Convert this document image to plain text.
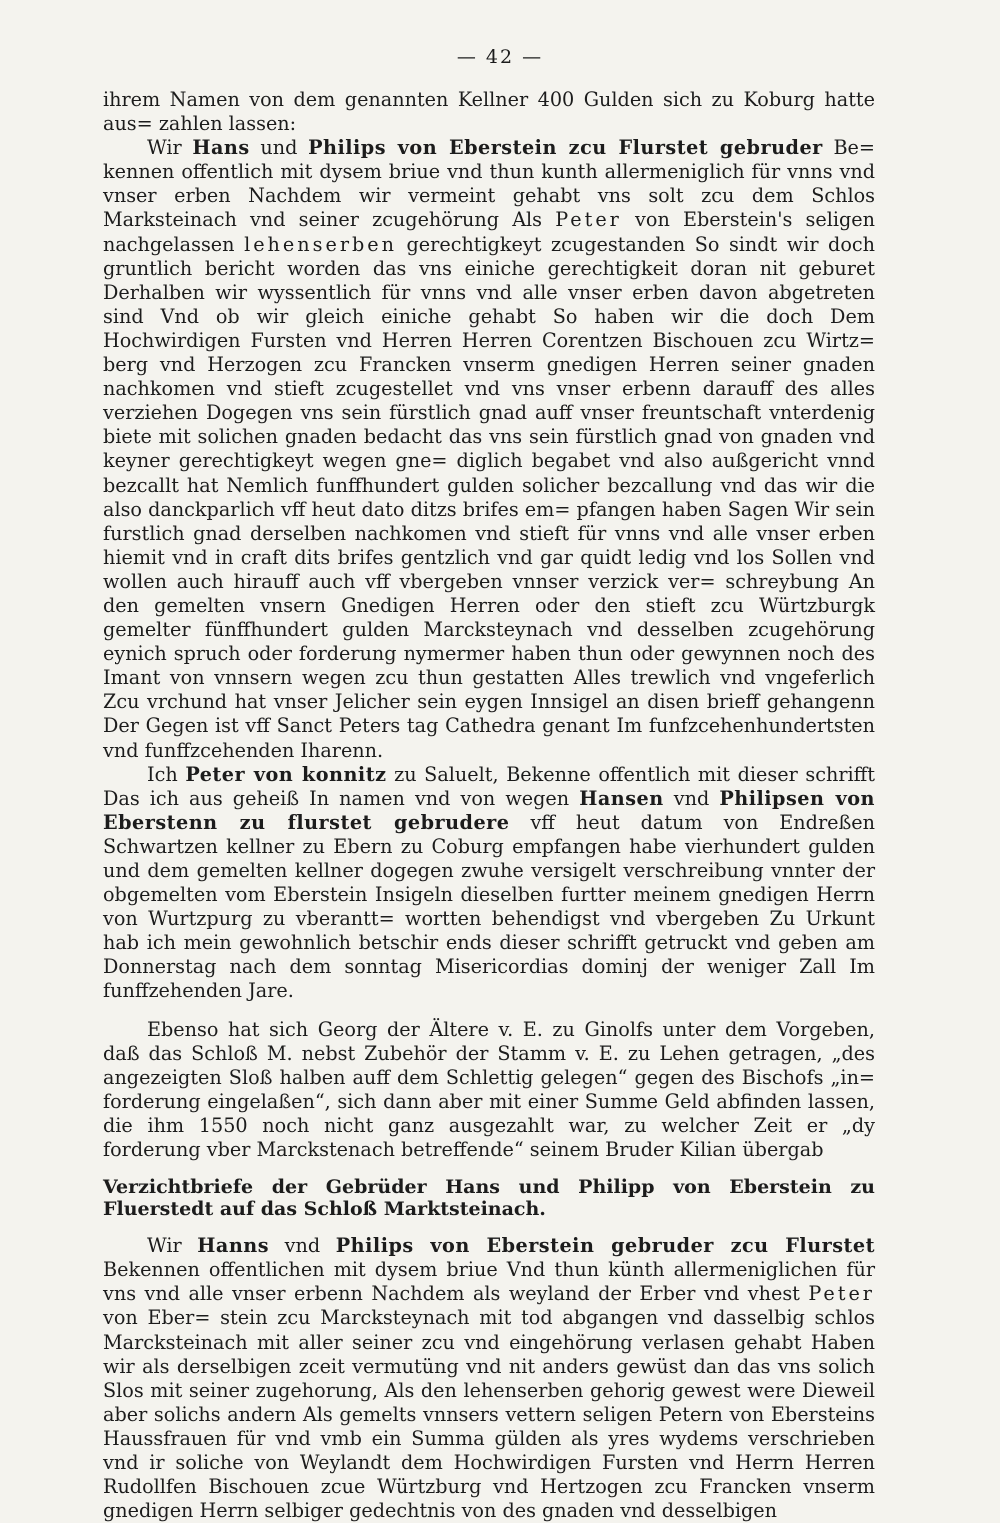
— 42 —

ihrem Namen von dem genannten Kellner 400 Gulden sich zu Koburg hatte aus= zahlen lassen:

Wir Hans und Philips von Eberstein zcu Flurstet gebruder Be= kennen offentlich mit dysem briue vnd thun kunth allermeniglich für vnns vnd vnser erben Nachdem wir vermeint gehabt vns solt zcu dem Schlos Marksteinach vnd seiner zcugehörung Als Peter von Eberstein's seligen nachgelassen lehenserben gerechtigkeyt zcugestanden So sindt wir doch gruntlich bericht worden das vns einiche gerechtigkeit doran nit geburet Derhalben wir wyssentlich für vnns vnd alle vnser erben davon abgetreten sind Vnd ob wir gleich einiche gehabt So haben wir die doch Dem Hochwirdigen Fursten vnd Herren Herren Corentzen Bischouen zcu Wirtz= berg vnd Herzogen zcu Francken vnserm gnedigen Herren seiner gnaden nachkomen vnd stieft zcugestellet vnd vns vnser erbenn darauff des alles verziehen Dogegen vns sein fürstlich gnad auff vnser freuntschaft vnterdenig biete mit solichen gnaden bedacht das vns sein fürstlich gnad von gnaden vnd keyner gerechtigkeyt wegen gne= diglich begabet vnd also außgericht vnnd bezcallt hat Nemlich funffhundert gulden solicher bezcallung vnd das wir die also danckparlich vff heut dato ditzs brifes em= pfangen haben Sagen Wir sein furstlich gnad derselben nachkomen vnd stieft für vnns vnd alle vnser erben hiemit vnd in craft dits brifes gentzlich vnd gar quidt ledig vnd los Sollen vnd wollen auch hirauff auch vff vbergeben vnnser verzick ver= schreybung An den gemelten vnsern Gnedigen Herren oder den stieft zcu Würtzburgk gemelter fünffhundert gulden Marcksteynach vnd desselben zcugehörung eynich spruch oder forderung nymermer haben thun oder gewynnen noch des Imant von vnnsern wegen zcu thun gestatten Alles trewlich vnd vngeferlich Zcu vrchund hat vnser Jelicher sein eygen Innsigel an disen brieff gehangenn Der Gegen ist vff Sanct Peters tag Cathedra genant Im funfzcehenhundertsten vnd funffzcehenden Iharenn.

Ich Peter von konnitz zu Saluelt, Bekenne offentlich mit dieser schrifft Das ich aus geheiß In namen vnd von wegen Hansen vnd Philipsen von Eberstenn zu flurstet gebrudere vff heut datum von Endreßen Schwartzen kellner zu Ebern zu Coburg empfangen habe vierhundert gulden und dem gemelten kellner dogegen zwuhe versigelt verschreibung vnnter der obgemelten vom Eberstein Insigeln dieselben furtter meinem gnedigen Herrn von Wurtzpurg zu vberantt= wortten behendigst vnd vbergeben Zu Urkunt hab ich mein gewohnlich betschir ends dieser schrifft getruckt vnd geben am Donnerstag nach dem sonntag Misericordias dominj der weniger Zall Im funffzehenden Jare.

Ebenso hat sich Georg der Ältere v. E. zu Ginolfs unter dem Vorgeben, daß das Schloß M. nebst Zubehör der Stamm v. E. zu Lehen getragen, „des angezeigten Sloß halben auff dem Schlettig gelegen“ gegen des Bischofs „in= forderung eingelaßen“, sich dann aber mit einer Summe Geld abfinden lassen, die ihm 1550 noch nicht ganz ausgezahlt war, zu welcher Zeit er „dy forderung vber Marckstenach betreffende“ seinem Bruder Kilian übergab

Verzichtbriefe der Gebrüder Hans und Philipp von Eberstein zu Fluerstedt auf das Schloß Marktsteinach.

Wir Hanns vnd Philips von Eberstein gebruder zcu Flurstet Bekennen offentlichen mit dysem briue Vnd thun künth allermeniglichen für vns vnd alle vnser erbenn Nachdem als weyland der Erber vnd vhest Peter von Eber= stein zcu Marcksteynach mit tod abgangen vnd dasselbig schlos Marcksteinach mit aller seiner zcu vnd eingehörung verlasen gehabt Haben wir als derselbigen zceit vermutüng vnd nit anders gewüst dan das vns solich Slos mit seiner zugehorung, Als den lehenserben gehorig gewest were Dieweil aber solichs andern Als gemelts vnnsers vettern seligen Petern von Ebersteins Haussfrauen für vnd vmb ein Summa gülden als yres wydems verschrieben vnd ir soliche von Weylandt dem Hochwirdigen Fursten vnd Herrn Herren Rudollfen Bischouen zcue Würtzburg vnd Hertzogen zcu Francken vnserm gnedigen Herrn selbiger gedechtnis von des gnaden vnd desselbigen
